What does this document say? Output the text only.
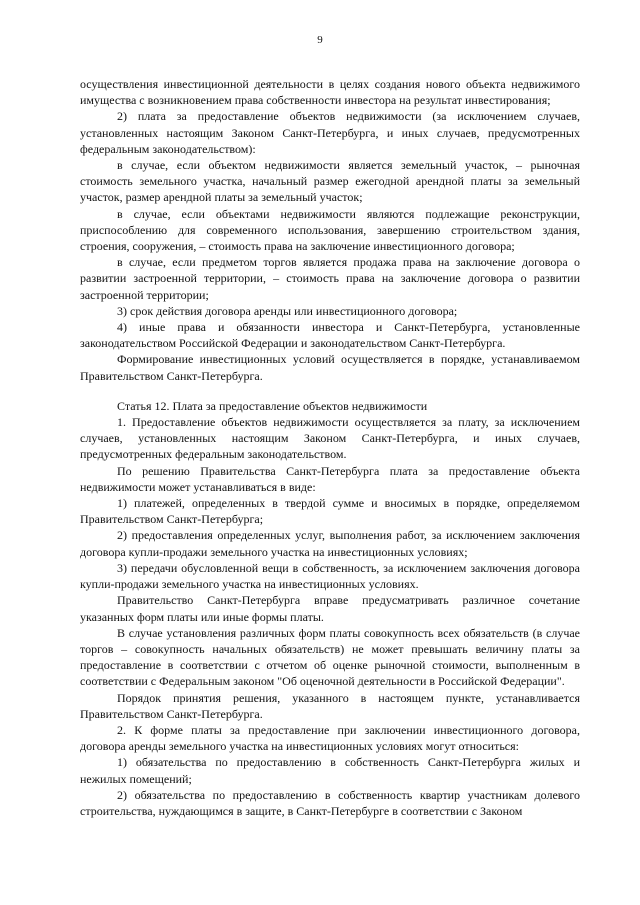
9

осуществления инвестиционной деятельности в целях создания нового объекта недвижимого имущества с возникновением права собственности инвестора на результат инвестирования;

2) плата за предоставление объектов недвижимости (за исключением случаев, установленных настоящим Законом Санкт-Петербурга, и иных случаев, предусмотренных федеральным законодательством):

в случае, если объектом недвижимости является земельный участок, – рыночная стоимость земельного участка, начальный размер ежегодной арендной платы за земельный участок, размер арендной платы за земельный участок;

в случае, если объектами недвижимости являются подлежащие реконструкции, приспособлению для современного использования, завершению строительством здания, строения, сооружения, – стоимость права на заключение инвестиционного договора;

в случае, если предметом торгов является продажа права на заключение договора о развитии застроенной территории, – стоимость права на заключение договора о развитии застроенной территории;

3) срок действия договора аренды или инвестиционного договора;

4) иные права и обязанности инвестора и Санкт-Петербурга, установленные законодательством Российской Федерации и законодательством Санкт-Петербурга.

Формирование инвестиционных условий осуществляется в порядке, устанавливаемом Правительством Санкт-Петербурга.

Статья 12. Плата за предоставление объектов недвижимости

1. Предоставление объектов недвижимости осуществляется за плату, за исключением случаев, установленных настоящим Законом Санкт-Петербурга, и иных случаев, предусмотренных федеральным законодательством.

По решению Правительства Санкт-Петербурга плата за предоставление объекта недвижимости может устанавливаться в виде:

1) платежей, определенных в твердой сумме и вносимых в порядке, определяемом Правительством Санкт-Петербурга;

2) предоставления определенных услуг, выполнения работ, за исключением заключения договора купли-продажи земельного участка на инвестиционных условиях;

3) передачи обусловленной вещи в собственность, за исключением заключения договора купли-продажи земельного участка на инвестиционных условиях.

Правительство Санкт-Петербурга вправе предусматривать различное сочетание указанных форм платы или иные формы платы.

В случае установления различных форм платы совокупность всех обязательств (в случае торгов – совокупность начальных обязательств) не может превышать величину платы за предоставление в соответствии с отчетом об оценке рыночной стоимости, выполненным в соответствии с Федеральным законом "Об оценочной деятельности в Российской Федерации".

Порядок принятия решения, указанного в настоящем пункте, устанавливается Правительством Санкт-Петербурга.

2. К форме платы за предоставление при заключении инвестиционного договора, договора аренды земельного участка на инвестиционных условиях могут относиться:

1) обязательства по предоставлению в собственность Санкт-Петербурга жилых и нежилых помещений;

2) обязательства по предоставлению в собственность квартир участникам долевого строительства, нуждающимся в защите, в Санкт-Петербурге в соответствии с Законом
